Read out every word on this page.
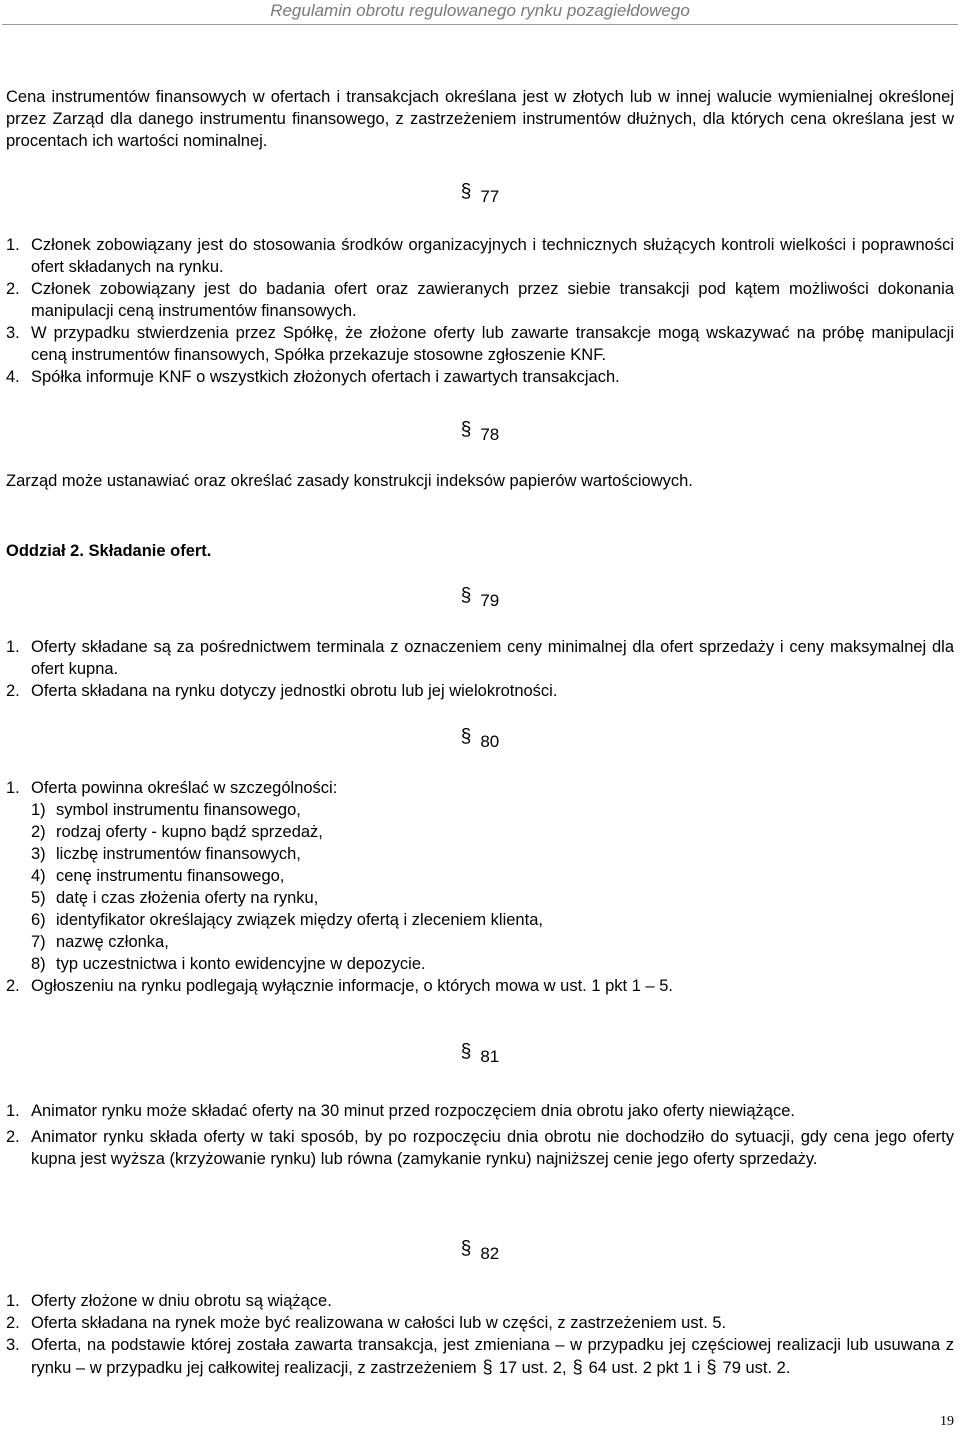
Regulamin obrotu regulowanego rynku pozagiełdowego
Cena instrumentów finansowych w ofertach i transakcjach określana jest w złotych lub w innej walucie wymienialnej określonej przez Zarząd dla danego instrumentu finansowego, z zastrzeżeniem instrumentów dłużnych, dla których cena określana jest w procentach ich wartości nominalnej.
§ 77
1. Członek zobowiązany jest do stosowania środków organizacyjnych i technicznych służących kontroli wielkości i poprawności ofert składanych na rynku.
2. Członek zobowiązany jest do badania ofert oraz zawieranych przez siebie transakcji pod kątem możliwości dokonania manipulacji ceną instrumentów finansowych.
3. W przypadku stwierdzenia przez Spółkę, że złożone oferty lub zawarte transakcje mogą wskazywać na próbę manipulacji ceną instrumentów finansowych, Spółka przekazuje stosowne zgłoszenie KNF.
4. Spółka informuje KNF o wszystkich złożonych ofertach i zawartych transakcjach.
§ 78
Zarząd może ustanawiać oraz określać zasady konstrukcji indeksów papierów wartościowych.
Oddział 2. Składanie ofert.
§ 79
1. Oferty składane są za pośrednictwem terminala z oznaczeniem ceny minimalnej dla ofert sprzedaży i ceny maksymalnej dla ofert kupna.
2. Oferta składana na rynku dotyczy jednostki obrotu lub jej wielokrotności.
§ 80
1. Oferta powinna określać w szczególności:
1) symbol instrumentu finansowego,
2) rodzaj oferty - kupno bądź sprzedaż,
3) liczbę instrumentów finansowych,
4) cenę instrumentu finansowego,
5) datę i czas złożenia oferty na rynku,
6) identyfikator określający związek między ofertą i zleceniem klienta,
7) nazwę członka,
8) typ uczestnictwa i konto ewidencyjne w depozycie.
2. Ogłoszeniu na rynku podlegają wyłącznie informacje, o których mowa w ust. 1 pkt 1 – 5.
§ 81
1. Animator rynku może składać oferty na 30 minut przed rozpoczęciem dnia obrotu jako oferty niewiążące.
2. Animator rynku składa oferty w taki sposób, by po rozpoczęciu dnia obrotu nie dochodziło do sytuacji, gdy cena jego oferty kupna jest wyższa (krzyżowanie rynku) lub równa (zamykanie rynku) najniższej cenie jego oferty sprzedaży.
§ 82
1. Oferty złożone w dniu obrotu są wiążące.
2. Oferta składana na rynek może być realizowana w całości lub w części, z zastrzeżeniem ust. 5.
3. Oferta, na podstawie której została zawarta transakcja, jest zmieniana – w przypadku jej częściowej realizacji lub usuwana z rynku – w przypadku jej całkowitej realizacji, z zastrzeżeniem § 17 ust. 2, § 64 ust. 2 pkt 1 i § 79 ust. 2.
19
